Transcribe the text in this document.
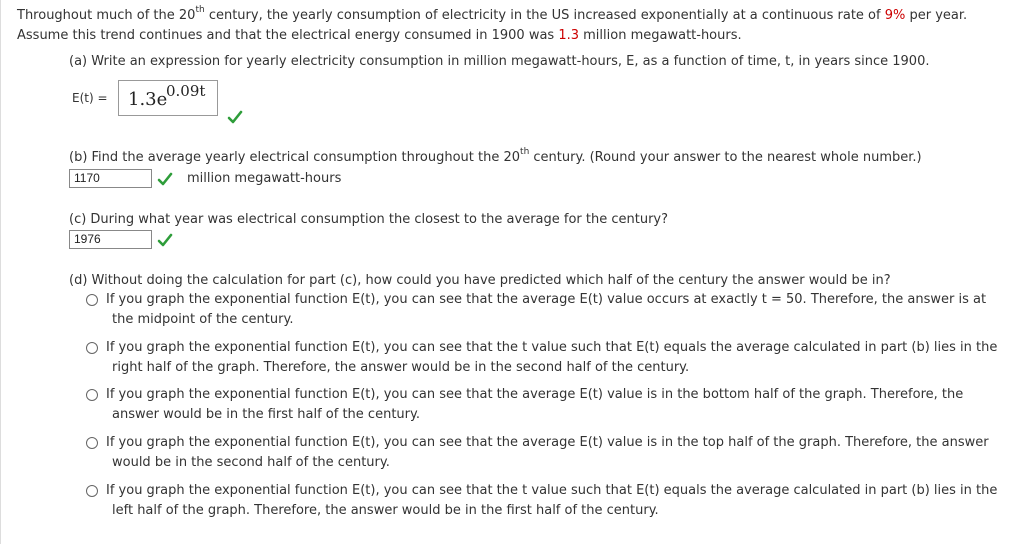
Throughout much of the 20th century, the yearly consumption of electricity in the US increased exponentially at a continuous rate of 9% per year.
Assume this trend continues and that the electrical energy consumed in 1900 was 1.3 million megawatt-hours.
(a) Write an expression for yearly electricity consumption in million megawatt-hours, E, as a function of time, t, in years since 1900.
E(t) = 1.3e
0.09t
(b) Find the average yearly electrical consumption throughout the 20th century. (Round your answer to the nearest whole number.)
1170	million megawatt-hours
(c) During what year was electrical consumption the closest to the average for the century?
1976
(d) Without doing the calculation for part (c), how could you have predicted which half of the century the answer would be in?
If you graph the exponential function E(t), you can see that the average E(t) value occurs at exactly t = 50. Therefore, the answer is at
the midpoint of the century.
If you graph the exponential function E(t), you can see that the t value such that E(t) equals the average calculated in part (b) lies in the
right half of the graph. Therefore, the answer would be in the second half of the century.
If you graph the exponential function E(t), you can see that the average E(t) value is in the bottom half of the graph. Therefore, the
answer would be in the first half of the century.
If you graph the exponential function E(t), you can see that the average E(t) value is in the top half of the graph. Therefore, the answer
would be in the second half of the century.
If you graph the exponential function E(t), you can see that the t value such that E(t) equals the average calculated in part (b) lies in the
left half of the graph. Therefore, the answer would be in the first half of the century.
